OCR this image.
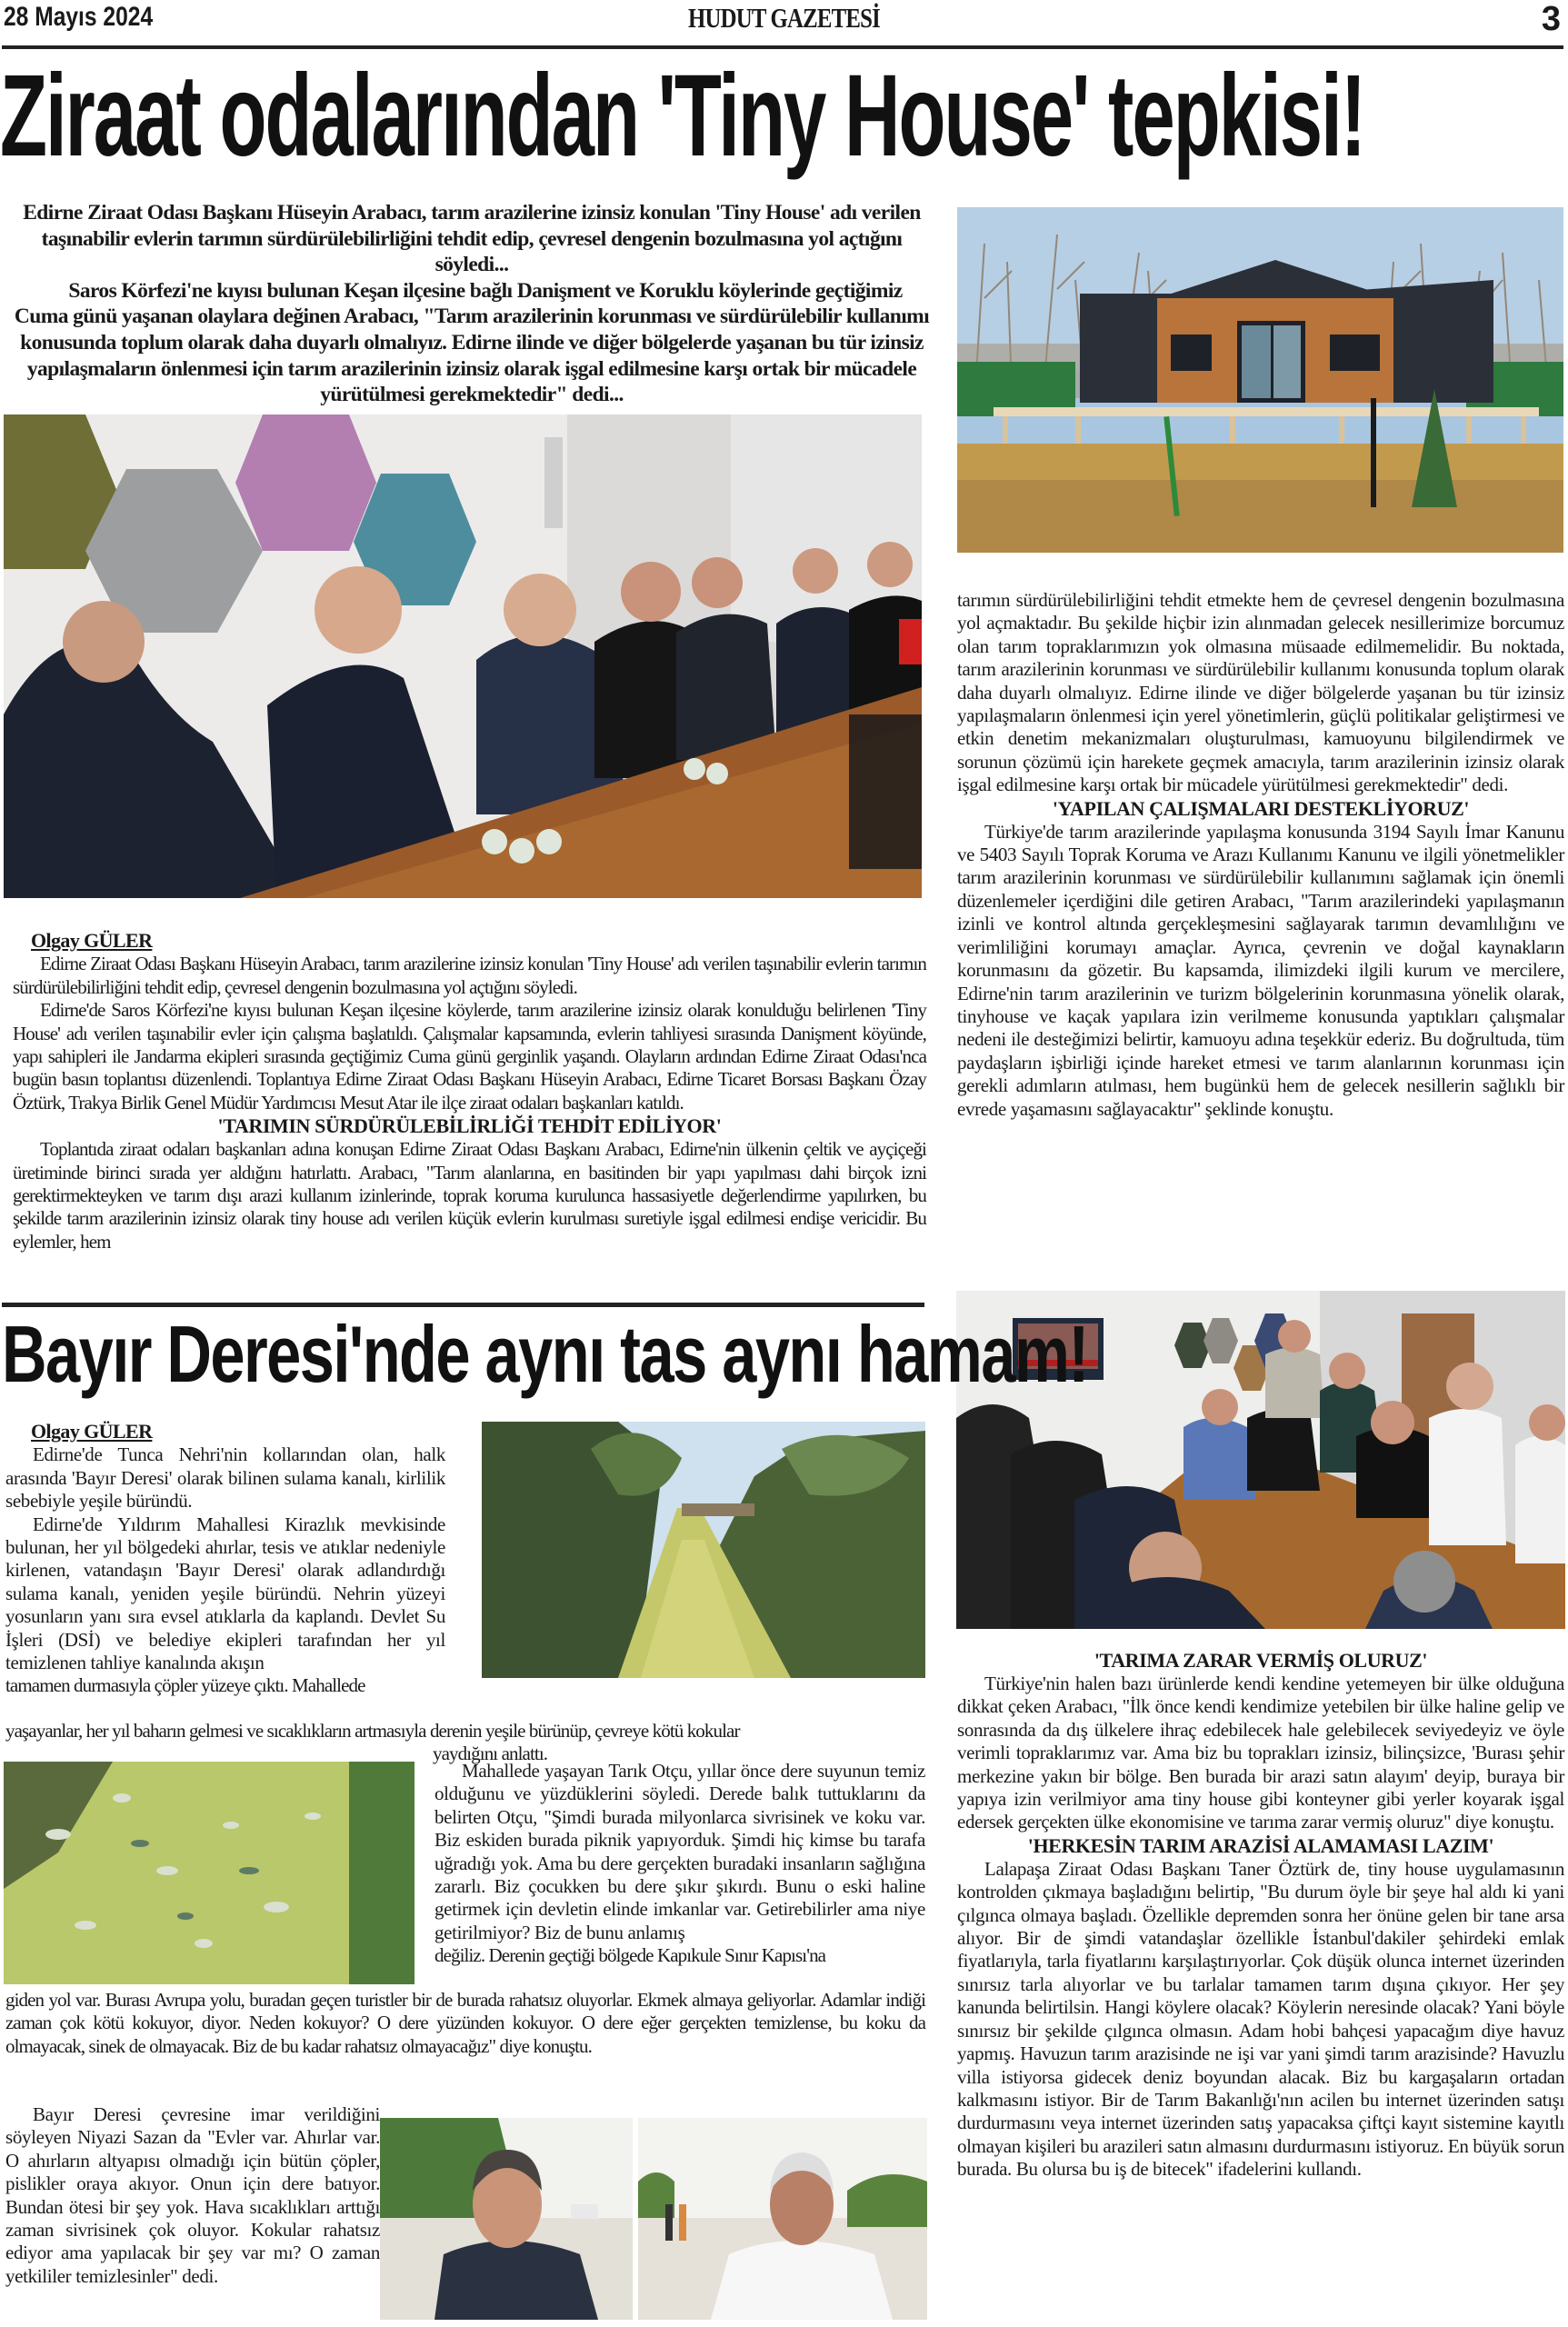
28 Mayıs 2024	HUDUT GAZETESİ	3
Ziraat odalarından 'Tiny House' tepkisi!

Edirne Ziraat Odası Başkanı Hüseyin Arabacı, tarım arazilerine izinsiz konulan 'Tiny House' adı verilen taşınabilir evlerin tarımın sürdürülebilirliğini tehdit edip, çevresel dengenin bozulmasına yol açtığını söyledi...

Saros Körfezi'ne kıyısı bulunan Keşan ilçesine bağlı Danişment ve Koruklu köylerinde geçtiğimiz Cuma günü yaşanan olaylara değinen Arabacı, "Tarım arazilerinin korunması ve sürdürülebilir kullanımı konusunda toplum olarak daha duyarlı olmalıyız. Edirne ilinde ve diğer bölgelerde yaşanan bu tür izinsiz yapılaşmaların önlenmesi için tarım arazilerinin izinsiz olarak işgal edilmesine karşı ortak bir mücadele yürütülmesi gerekmektedir" dedi...

Olgay GÜLER

Edirne Ziraat Odası Başkanı Hüseyin Arabacı, tarım arazilerine izinsiz konulan 'Tiny House' adı verilen taşınabilir evlerin tarımın sürdürülebilirliğini tehdit edip, çevresel dengenin bozulmasına yol açtığını söyledi.

Edirne'de Saros Körfezi'ne kıyısı bulunan Keşan ilçesine köylerde, tarım arazilerine izinsiz olarak konulduğu belirlenen 'Tiny House' adı verilen taşınabilir evler için çalışma başlatıldı. Çalışmalar kapsamında, evlerin tahliyesi sırasında Danişment köyünde, yapı sahipleri ile Jandarma ekipleri sırasında geçtiğimiz Cuma günü gerginlik yaşandı. Olayların ardından Edirne Ziraat Odası'nca bugün basın toplantısı düzenlendi. Toplantıya Edirne Ziraat Odası Başkanı Hüseyin Arabacı, Edirne Ticaret Borsası Başkanı Özay Öztürk, Trakya Birlik Genel Müdür Yardımcısı Mesut Atar ile ilçe ziraat odaları başkanları katıldı.

'TARIMIN SÜRDÜRÜLEBİLİRLİĞİ TEHDİT EDİLİYOR'

Toplantıda ziraat odaları başkanları adına konuşan Edirne Ziraat Odası Başkanı Arabacı, Edirne'nin ülkenin çeltik ve ayçiçeği üretiminde birinci sırada yer aldığını hatırlattı. Arabacı, "Tarım alanlarına, en basitinden bir yapı yapılması dahi birçok izni gerektirmekteyken ve tarım dışı arazi kullanım izinlerinde, toprak koruma kurulunca hassasiyetle değerlendirme yapılırken, bu şekilde tarım arazilerinin izinsiz olarak tiny house adı verilen küçük evlerin kurulması suretiyle işgal edilmesi endişe vericidir. Bu eylemler, hem

tarımın sürdürülebilirliğini tehdit etmekte hem de çevresel dengenin bozulmasına yol açmaktadır. Bu şekilde hiçbir izin alınmadan gelecek nesillerimize borcumuz olan tarım topraklarımızın yok olmasına müsaade edilmemelidir. Bu noktada, tarım arazilerinin korunması ve sürdürülebilir kullanımı konusunda toplum olarak daha duyarlı olmalıyız. Edirne ilinde ve diğer bölgelerde yaşanan bu tür izinsiz yapılaşmaların önlenmesi için yerel yönetimlerin, güçlü politikalar geliştirmesi ve etkin denetim mekanizmaları oluşturulması, kamuoyunu bilgilendirmek ve sorunun çözümü için harekete geçmek amacıyla, tarım arazilerinin izinsiz olarak işgal edilmesine karşı ortak bir mücadele yürütülmesi gerekmektedir" dedi.

'YAPILAN ÇALIŞMALARI DESTEKLİYORUZ'

Türkiye'de tarım arazilerinde yapılaşma konusunda 3194 Sayılı İmar Kanunu ve 5403 Sayılı Toprak Koruma ve Arazı Kullanımı Kanunu ve ilgili yönetmelikler tarım arazilerinin korunması ve sürdürülebilir kullanımını sağlamak için önemli düzenlemeler içerdiğini dile getiren Arabacı, "Tarım arazilerindeki yapılaşmanın izinli ve kontrol altında gerçekleşmesini sağlayarak tarımın devamlılığını ve verimliliğini korumayı amaçlar. Ayrıca, çevrenin ve doğal kaynakların korunmasını da gözetir. Bu kapsamda, ilimizdeki ilgili kurum ve mercilere, Edirne'nin tarım arazilerinin ve turizm bölgelerinin korunmasına yönelik olarak, tinyhouse ve kaçak yapılara izin verilmeme konusunda yaptıkları çalışmalar nedeni ile desteğimizi belirtir, kamuoyu adına teşekkür ederiz. Bu doğrultuda, tüm paydaşların işbirliği içinde hareket etmesi ve tarım alanlarının korunması için gerekli adımların atılması, hem bugünkü hem de gelecek nesillerin sağlıklı bir evrede yaşamasını sağlayacaktır" şeklinde konuştu.

'TARIMA ZARAR VERMİŞ OLURUZ'

Türkiye'nin halen bazı ürünlerde kendi kendine yetemeyen bir ülke olduğuna dikkat çeken Arabacı, "İlk önce kendi kendimize yetebilen bir ülke haline gelip ve sonrasında da dış ülkelere ihraç edebilecek hale gelebilecek seviyedeyiz ve öyle verimli topraklarımız var. Ama biz bu toprakları izinsiz, bilinçsizce, 'Burası şehir merkezine yakın bir bölge. Ben burada bir arazi satın alayım' deyip, buraya bir yapıya izin verilmiyor ama tiny house gibi konteyner gibi yerler koyarak işgal edersek gerçekten ülke ekonomisine ve tarıma zarar vermiş oluruz" diye konuştu.

'HERKESİN TARIM ARAZİSİ ALAMAMASI LAZIM'

Lalapaşa Ziraat Odası Başkanı Taner Öztürk de, tiny house uygulamasının kontrolden çıkmaya başladığını belirtip, "Bu durum öyle bir şeye hal aldı ki yani çılgınca olmaya başladı. Özellikle depremden sonra her önüne gelen bir tane arsa alıyor. Bir de şimdi vatandaşlar özellikle İstanbul'dakiler şehirdeki emlak fiyatlarıyla, tarla fiyatlarını karşılaştırıyorlar. Çok düşük olunca internet üzerinden sınırsız tarla alıyorlar ve bu tarlalar tamamen tarım dışına çıkıyor. Her şey kanunda belirtilsin. Hangi köylere olacak? Köylerin neresinde olacak? Yani böyle sınırsız bir şekilde çılgınca olmasın. Adam hobi bahçesi yapacağım diye havuz yapmış. Havuzun tarım arazisinde ne işi var yani şimdi tarım arazisinde? Havuzlu villa istiyorsa gidecek deniz boyundan alacak. Biz bu kargaşaların ortadan kalkmasını istiyor. Bir de Tarım Bakanlığı'nın acilen bu internet üzerinden satışı durdurmasını veya internet üzerinden satış yapacaksa çiftçi kayıt sistemine kayıtlı olmayan kişileri bu arazileri satın almasını durdurmasını istiyoruz. En büyük sorun burada. Bu olursa bu iş de bitecek" ifadelerini kullandı.

Bayır Deresi'nde aynı tas aynı hamam!

Olgay GÜLER

Edirne'de Tunca Nehri'nin kollarından olan, halk arasında 'Bayır Deresi' olarak bilinen sulama kanalı, kirlilik sebebiyle yeşile büründü.

Edirne'de Yıldırım Mahallesi Kirazlık mevkisinde bulunan, her yıl bölgedeki ahırlar, tesis ve atıklar nedeniyle kirlenen, vatandaşın 'Bayır Deresi' olarak adlandırdığı sulama kanalı, yeniden yeşile büründü. Nehrin yüzeyi yosunların yanı sıra evsel atıklarla da kaplandı. Devlet Su İşleri (DSİ) ve belediye ekipleri tarafından her yıl temizlenen tahliye kanalında akışın

tamamen durmasıyla çöpler yüzeye çıktı. Mahallede

yaşayanlar, her yıl baharın gelmesi ve sıcaklıkların artmasıyla derenin yeşile bürünüp, çevreye kötü kokular

yaydığını anlattı.

Mahallede yaşayan Tarık Otçu, yıllar önce dere suyunun temiz olduğunu ve yüzdüklerini söyledi. Derede balık tuttuklarını da belirten Otçu, "Şimdi burada milyonlarca sivrisinek ve koku var. Biz eskiden burada piknik yapıyorduk. Şimdi hiç kimse bu tarafa uğradığı yok. Ama bu dere gerçekten buradaki insanların sağlığına zararlı. Biz çocukken bu dere şıkır şıkırdı. Bunu o eski haline getirmek için devletin elinde imkanlar var. Getirebilirler ama niye getirilmiyor? Biz de bunu anlamış

değiliz. Derenin geçtiği bölgede Kapıkule Sınır Kapısı'na

giden yol var. Burası Avrupa yolu, buradan geçen turistler bir de burada rahatsız oluyorlar. Ekmek almaya geliyorlar. Adamlar indiği zaman çok kötü kokuyor, diyor. Neden kokuyor? O dere yüzünden kokuyor. O dere eğer gerçekten temizlense, bu koku da olmayacak, sinek de olmayacak. Biz de bu kadar rahatsız olmayacağız" diye konuştu.

Bayır Deresi çevresine imar verildiğini söyleyen Niyazi Sazan da "Evler var. Ahırlar var. O ahırların altyapısı olmadığı için bütün çöpler, pislikler oraya akıyor. Onun için dere batıyor. Bundan ötesi bir şey yok. Hava sıcaklıkları arttığı zaman sivrisinek çok oluyor. Kokular rahatsız ediyor ama yapılacak bir şey var mı? O zaman yetkililer temizlesinler" dedi.
